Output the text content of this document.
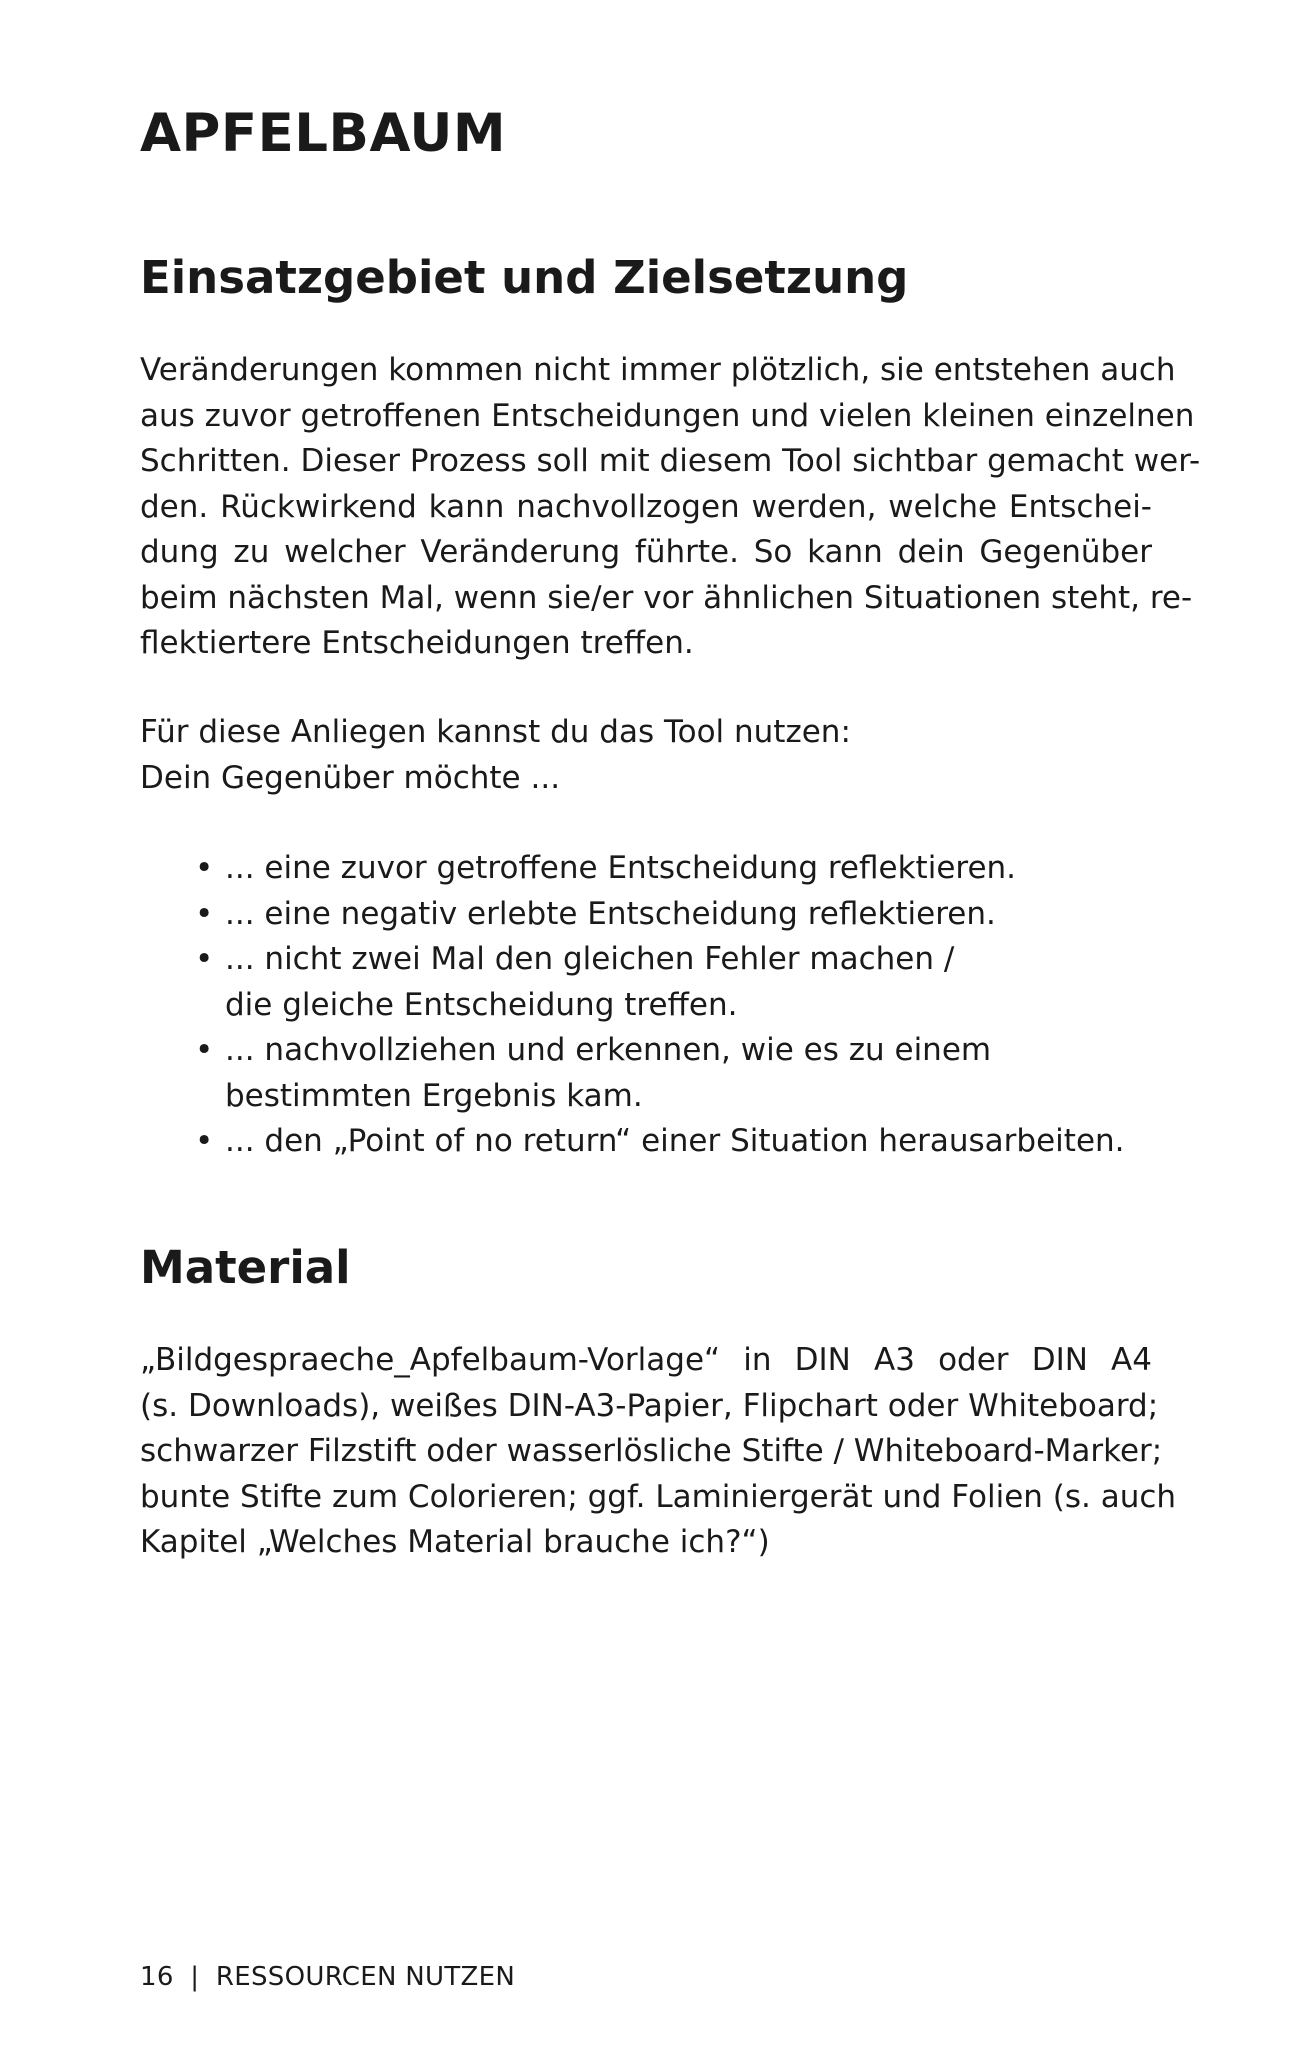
APFELBAUM
Einsatzgebiet und Zielsetzung
Veränderungen kommen nicht immer plötzlich, sie entstehen auch
aus zuvor getroffenen Entscheidungen und vielen kleinen einzelnen
Schritten. Dieser Prozess soll mit diesem Tool sichtbar gemacht wer-
den. Rückwirkend kann nachvollzogen werden, welche Entschei-
dung zu welcher Veränderung führte. So kann dein Gegenüber
beim nächsten Mal, wenn sie/er vor ähnlichen Situationen steht, re-
flektiertere Entscheidungen treffen.
Für diese Anliegen kannst du das Tool nutzen:
Dein Gegenüber möchte ...
• ... eine zuvor getroffene Entscheidung reflektieren.
• ... eine negativ erlebte Entscheidung reflektieren.
• ... nicht zwei Mal den gleichen Fehler machen /
die gleiche Entscheidung treffen.
• ... nachvollziehen und erkennen, wie es zu einem
bestimmten Ergebnis kam.
• ... den „Point of no return“ einer Situation herausarbeiten.
Material
„Bildgespraeche_Apfelbaum-Vorlage“ in DIN A3 oder DIN A4
(s. Downloads), weißes DIN-A3-Papier, Flipchart oder Whiteboard;
schwarzer Filzstift oder wasserlösliche Stifte / Whiteboard-Marker;
bunte Stifte zum Colorieren; ggf. Laminiergerät und Folien (s. auch
Kapitel „Welches Material brauche ich?“)
16 | RESSOURCEN NUTZEN
